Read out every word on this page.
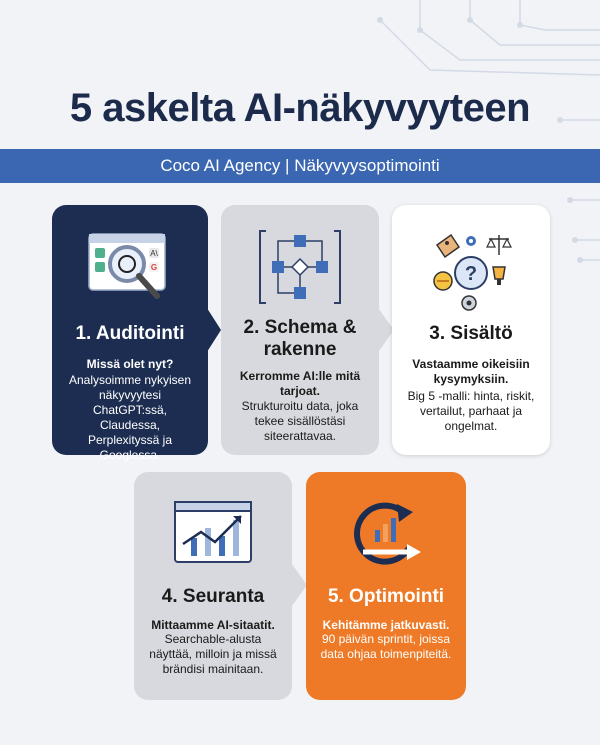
5 askelta AI-näkyvyyteen
Coco AI Agency | Näkyvyysoptimointi
A\
G
1. Auditointi
Missä olet nyt?
Analysoimme nykyisen näkyvyytesi ChatGPT:ssä, Claudessa, Perplexityssä ja Googlessa.
2. Schema & rakenne
Kerromme AI:lle mitä tarjoat.
Strukturoitu data, joka tekee sisällöstäsi siteerattavaa.
?
3. Sisältö
Vastaamme oikeisiin kysymyksiin.
Big 5 -malli: hinta, riskit, vertailut, parhaat ja ongelmat.
4. Seuranta
Mittaamme AI-sitaatit.
Searchable-alusta näyttää, milloin ja missä brändisi mainitaan.
5. Optimointi
Kehitämme jatkuvasti.
90 päivän sprintit, joissa data ohjaa toimenpiteitä.
